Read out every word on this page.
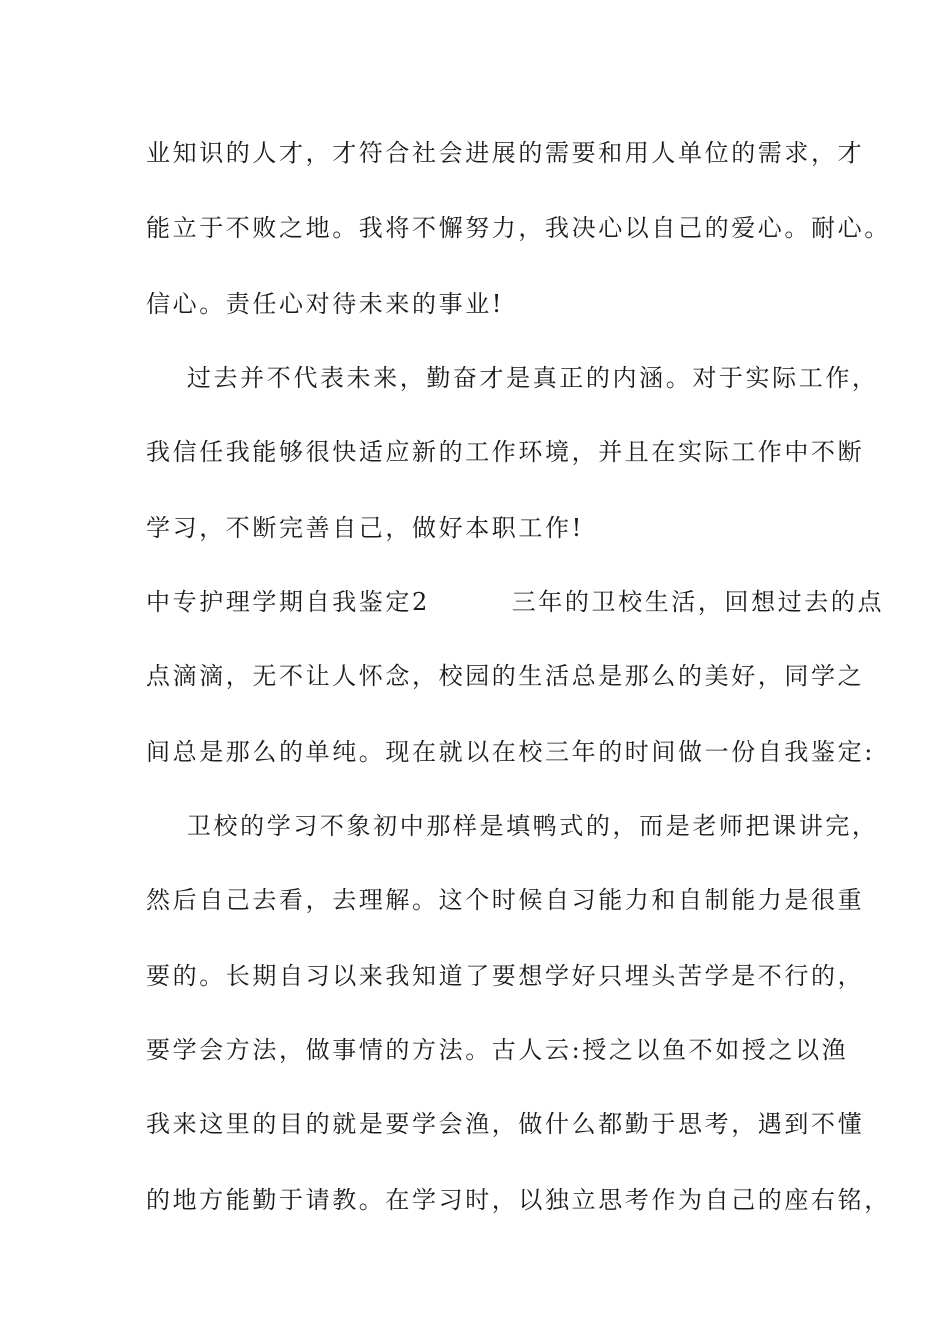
业知识的人才，才符合社会进展的需要和用人单位的需求，才
能立于不败之地。我将不懈努力，我决心以自己的爱心。耐心。
信心。责任心对待未来的事业!
过去并不代表未来，勤奋才是真正的内涵。对于实际工作，
我信任我能够很快适应新的工作环境，并且在实际工作中不断
学习，不断完善自己，做好本职工作!
中专护理学期自我鉴定2        三年的卫校生活，回想过去的点
点滴滴，无不让人怀念，校园的生活总是那么的美好，同学之
间总是那么的单纯。现在就以在校三年的时间做一份自我鉴定:
卫校的学习不象初中那样是填鸭式的，而是老师把课讲完，
然后自己去看，去理解。这个时候自习能力和自制能力是很重
要的。长期自习以来我知道了要想学好只埋头苦学是不行的，
要学会方法，做事情的方法。古人云:授之以鱼不如授之以渔
我来这里的目的就是要学会渔，做什么都勤于思考，遇到不懂
的地方能勤于请教。在学习时，以独立思考作为自己的座右铭，
